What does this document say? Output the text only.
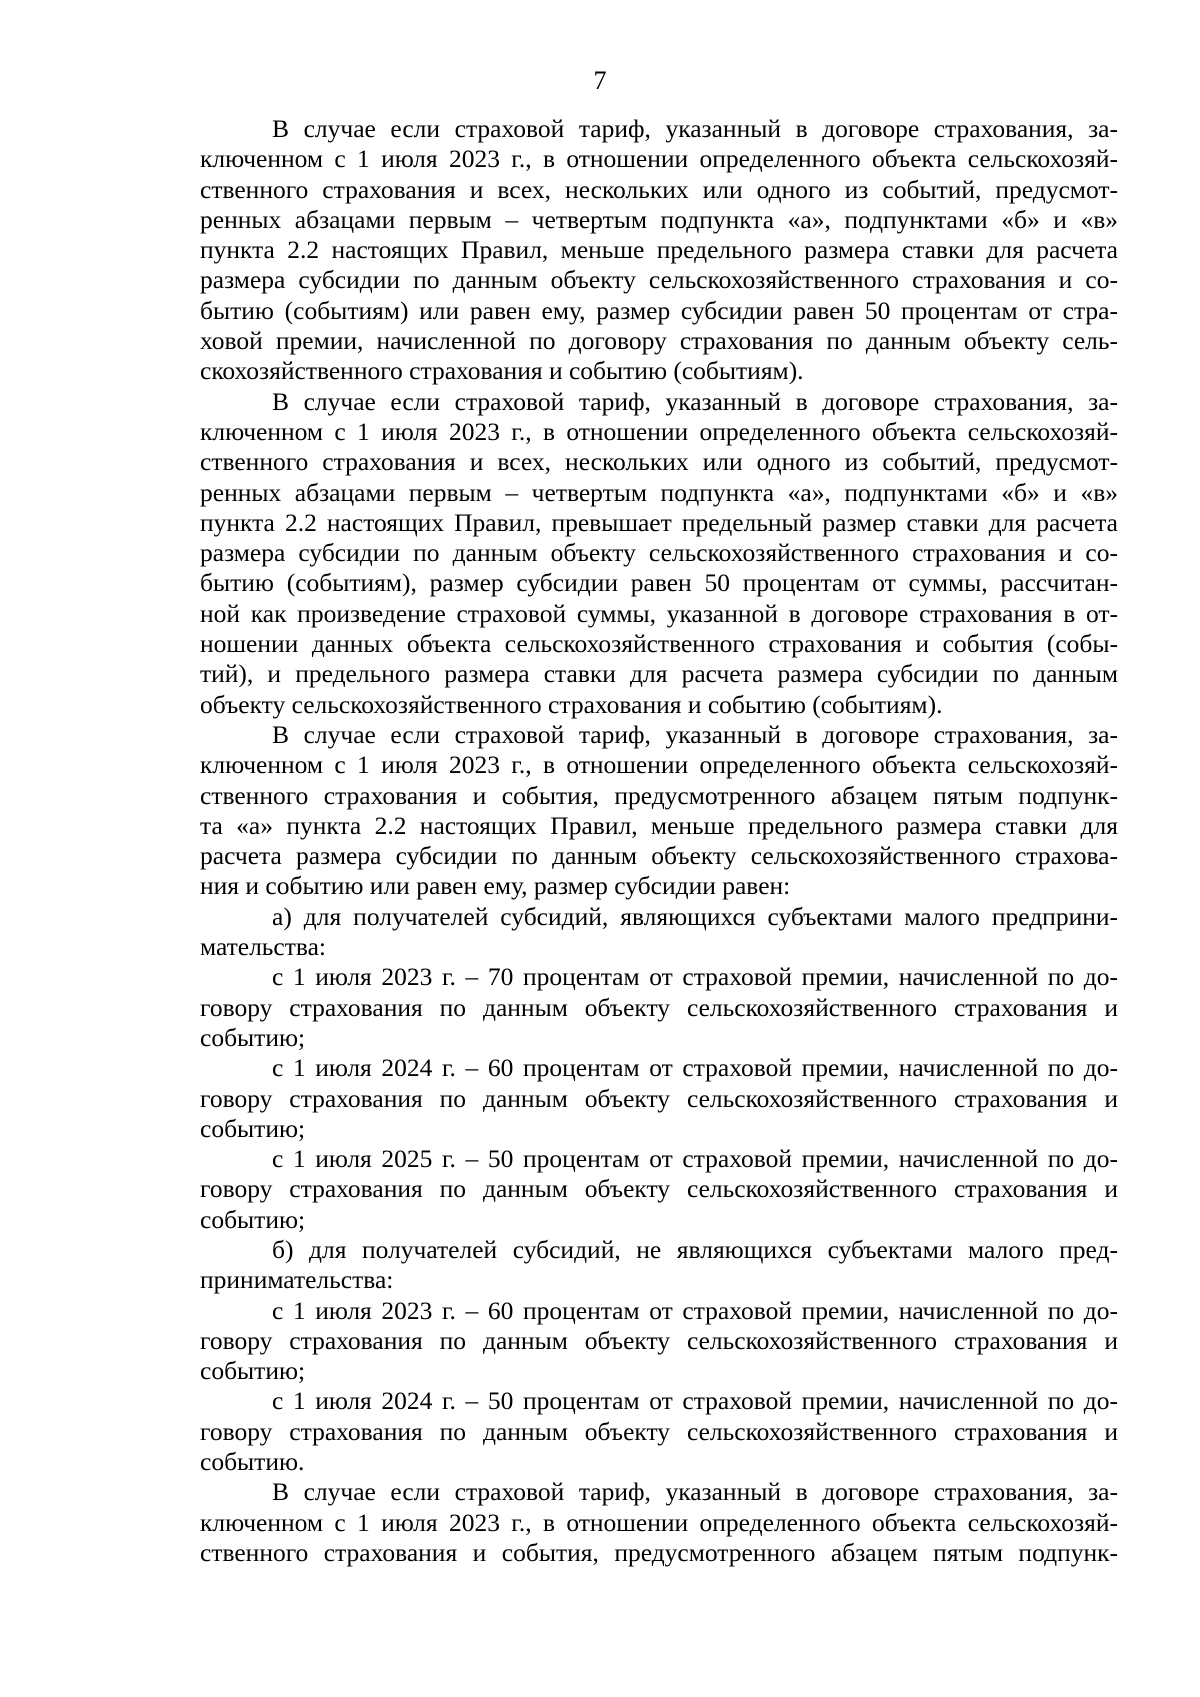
7
В случае если страховой тариф, указанный в договоре страхования, за-
ключенном с 1 июля 2023 г., в отношении определенного объекта сельскохозяй-
ственного страхования и всех, нескольких или одного из событий, предусмот-
ренных абзацами первым – четвертым подпункта «а», подпунктами «б» и «в»
пункта 2.2 настоящих Правил, меньше предельного размера ставки для расчета
размера субсидии по данным объекту сельскохозяйственного страхования и со-
бытию (событиям) или равен ему, размер субсидии равен 50 процентам от стра-
ховой премии, начисленной по договору страхования по данным объекту сель-
скохозяйственного страхования и событию (событиям).
В случае если страховой тариф, указанный в договоре страхования, за-
ключенном с 1 июля 2023 г., в отношении определенного объекта сельскохозяй-
ственного страхования и всех, нескольких или одного из событий, предусмот-
ренных абзацами первым – четвертым подпункта «а», подпунктами «б» и «в»
пункта 2.2 настоящих Правил, превышает предельный размер ставки для расчета
размера субсидии по данным объекту сельскохозяйственного страхования и со-
бытию (событиям), размер субсидии равен 50 процентам от суммы, рассчитан-
ной как произведение страховой суммы, указанной в договоре страхования в от-
ношении данных объекта сельскохозяйственного страхования и события (собы-
тий), и предельного размера ставки для расчета размера субсидии по данным
объекту сельскохозяйственного страхования и событию (событиям).
В случае если страховой тариф, указанный в договоре страхования, за-
ключенном с 1 июля 2023 г., в отношении определенного объекта сельскохозяй-
ственного страхования и события, предусмотренного абзацем пятым подпунк-
та «а» пункта 2.2 настоящих Правил, меньше предельного размера ставки для
расчета размера субсидии по данным объекту сельскохозяйственного страхова-
ния и событию или равен ему, размер субсидии равен:
а) для получателей субсидий, являющихся субъектами малого предприни-
мательства:
с 1 июля 2023 г. – 70 процентам от страховой премии, начисленной по до-
говору страхования по данным объекту сельскохозяйственного страхования и
событию;
с 1 июля 2024 г. – 60 процентам от страховой премии, начисленной по до-
говору страхования по данным объекту сельскохозяйственного страхования и
событию;
с 1 июля 2025 г. – 50 процентам от страховой премии, начисленной по до-
говору страхования по данным объекту сельскохозяйственного страхования и
событию;
б) для получателей субсидий, не являющихся субъектами малого пред-
принимательства:
с 1 июля 2023 г. – 60 процентам от страховой премии, начисленной по до-
говору страхования по данным объекту сельскохозяйственного страхования и
событию;
с 1 июля 2024 г. – 50 процентам от страховой премии, начисленной по до-
говору страхования по данным объекту сельскохозяйственного страхования и
событию.
В случае если страховой тариф, указанный в договоре страхования, за-
ключенном с 1 июля 2023 г., в отношении определенного объекта сельскохозяй-
ственного страхования и события, предусмотренного абзацем пятым подпунк-
